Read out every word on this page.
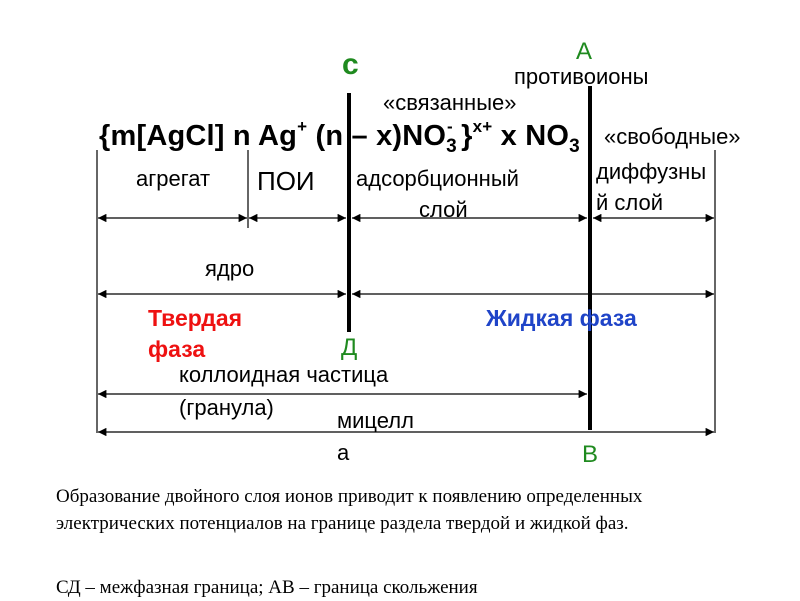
с	А
Д
В
противоионы
«связанные»
«свободные»
{m[AgCl] n Ag+ $(n - x)NO_3^-$ }$^{x+}$ x $NO_3$
агрегат ПОИ адсорбционный
слой
диффузны
й слой
ядро
Твердая
фаза
Жидкая фаза
коллоидная частица
(гранула)
мицелл
а
Образование двойного слоя ионов приводит к появлению определенных электрических потенциалов на границе раздела твердой и жидкой фаз.
СД – межфазная граница; АВ – граница скольжения
